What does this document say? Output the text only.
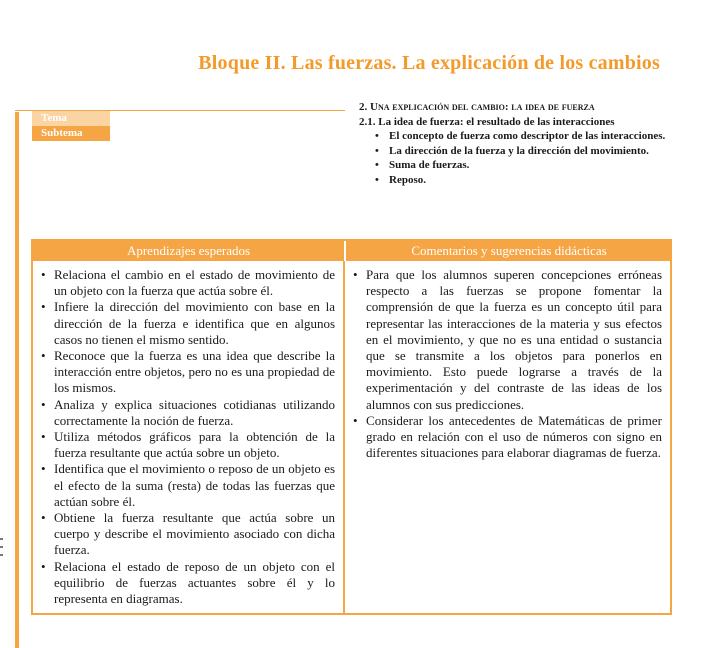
Bloque II. Las fuerzas. La explicación de los cambios
Tema
Subtema
2. Una explicación del cambio: la idea de fuerza
2.1. La idea de fuerza: el resultado de las interacciones
• El concepto de fuerza como descriptor de las interacciones.
• La dirección de la fuerza y la dirección del movimiento.
• Suma de fuerzas.
• Reposo.
Aprendizajes esperados	Comentarios y sugerencias didácticas
• Relaciona el cambio en el estado de movimiento de un objeto con la fuerza que actúa sobre él.
• Infiere la dirección del movimiento con base en la dirección de la fuerza e identifica que en algunos casos no tienen el mismo sentido.
• Reconoce que la fuerza es una idea que describe la interacción entre objetos, pero no es una propiedad de los mismos.
• Analiza y explica situaciones cotidianas utilizando correctamente la noción de fuerza.
• Utiliza métodos gráficos para la obtención de la fuerza resultante que actúa sobre un objeto.
• Identifica que el movimiento o reposo de un objeto es el efecto de la suma (resta) de todas las fuerzas que actúan sobre él.
• Obtiene la fuerza resultante que actúa sobre un cuerpo y describe el movimiento asociado con dicha fuerza.
• Relaciona el estado de reposo de un objeto con el equilibrio de fuerzas actuantes sobre él y lo representa en diagramas.
• Para que los alumnos superen concepciones erróneas respecto a las fuerzas se propone fomentar la comprensión de que la fuerza es un concepto útil para representar las interacciones de la materia y sus efectos en el movimiento, y que no es una entidad o sustancia que se transmite a los objetos para ponerlos en movimiento. Esto puede lograrse a través de la experimentación y del contraste de las ideas de los alumnos con sus predicciones.
• Considerar los antecedentes de Matemáticas de primer grado en relación con el uso de números con signo en diferentes situaciones para elaborar diagramas de fuerza.
